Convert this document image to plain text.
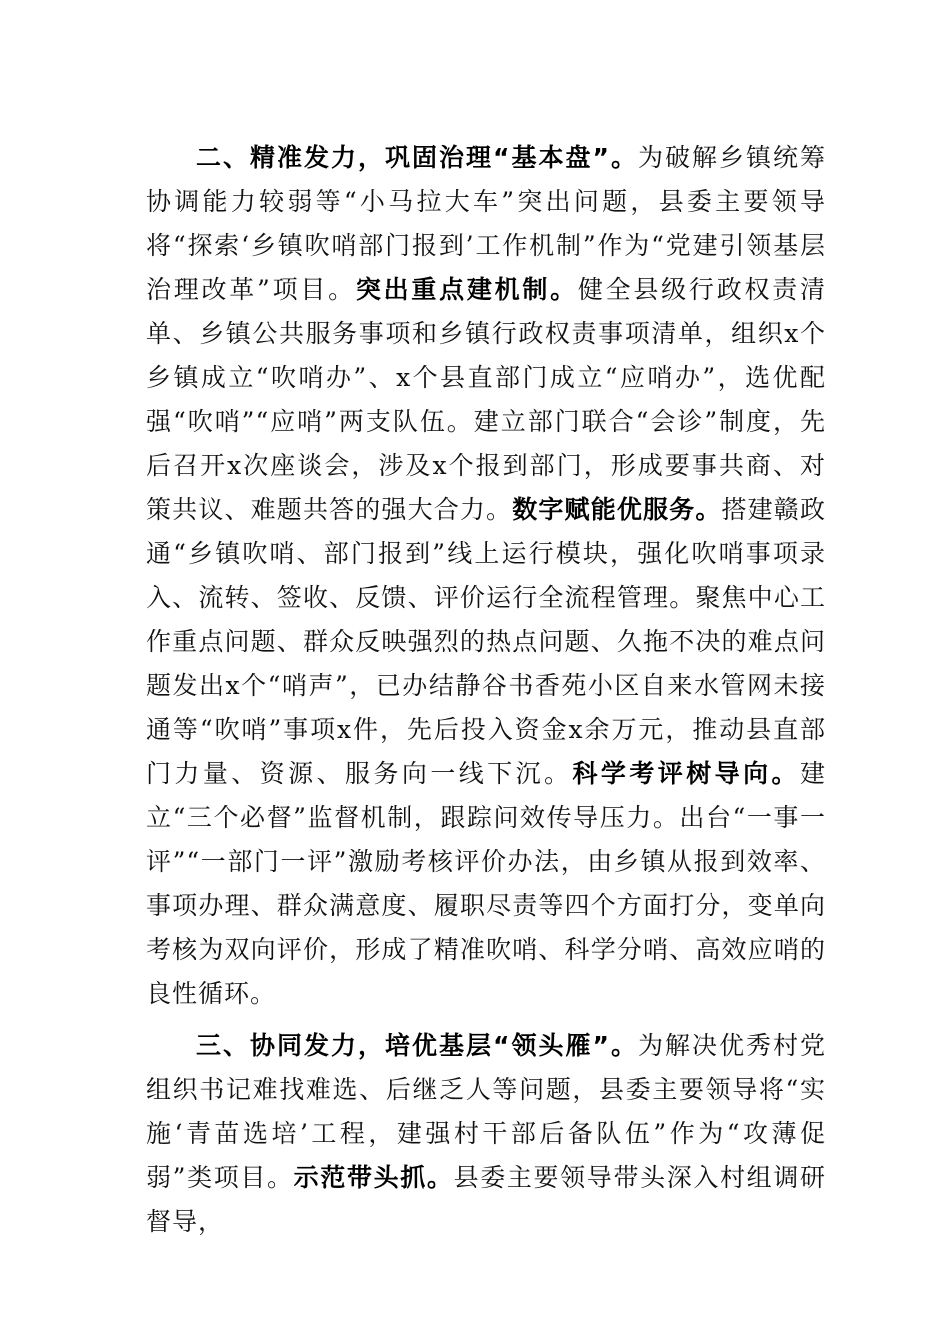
二、精准发力，巩固治理“基本盘”。为破解乡镇统筹协调能力较弱等“小马拉大车”突出问题，县委主要领导将“探索‘乡镇吹哨部门报到’工作机制”作为“党建引领基层治理改革”项目。突出重点建机制。健全县级行政权责清单、乡镇公共服务事项和乡镇行政权责事项清单，组织x个乡镇成立“吹哨办”、x个县直部门成立“应哨办”，选优配强“吹哨”“应哨”两支队伍。建立部门联合“会诊”制度，先后召开x次座谈会，涉及x个报到部门，形成要事共商、对策共议、难题共答的强大合力。数字赋能优服务。搭建赣政通“乡镇吹哨、部门报到”线上运行模块，强化吹哨事项录入、流转、签收、反馈、评价运行全流程管理。聚焦中心工作重点问题、群众反映强烈的热点问题、久拖不决的难点问题发出x个“哨声”，已办结静谷书香苑小区自来水管网未接通等“吹哨”事项x件，先后投入资金x余万元，推动县直部门力量、资源、服务向一线下沉。科学考评树导向。建立“三个必督”监督机制，跟踪问效传导压力。出台“一事一评”“一部门一评”激励考核评价办法，由乡镇从报到效率、事项办理、群众满意度、履职尽责等四个方面打分，变单向考核为双向评价，形成了精准吹哨、科学分哨、高效应哨的良性循环。

三、协同发力，培优基层“领头雁”。为解决优秀村党组织书记难找难选、后继乏人等问题，县委主要领导将“实施‘青苗选培’工程，建强村干部后备队伍”作为“攻薄促弱”类项目。示范带头抓。县委主要领导带头深入村组调研督导，
